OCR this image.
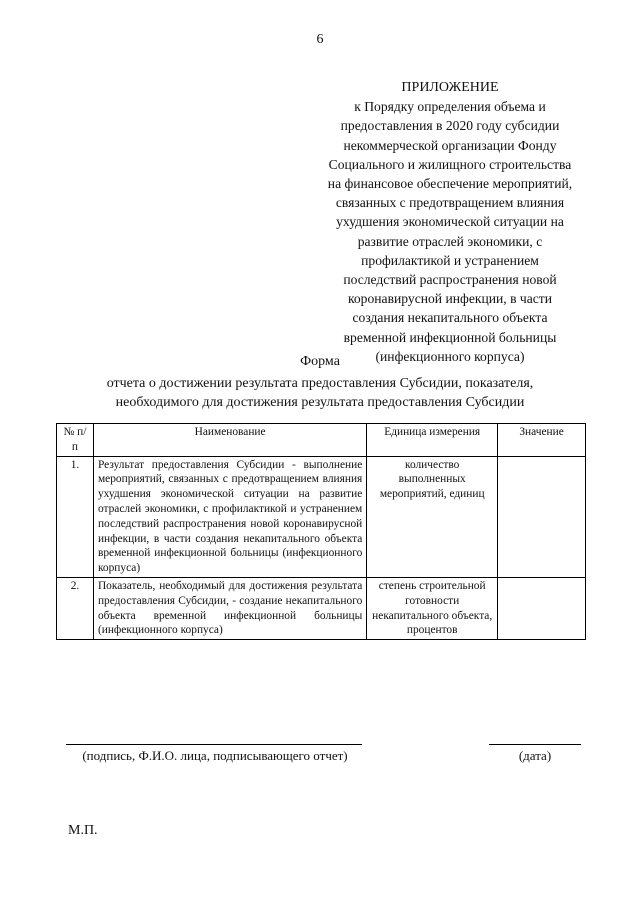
6
ПРИЛОЖЕНИЕ
к Порядку определения объема и
предоставления в 2020 году субсидии
некоммерческой организации Фонду
Социального и жилищного строительства
на финансовое обеспечение мероприятий,
связанных с предотвращением влияния
ухудшения экономической ситуации на
развитие отраслей экономики, с
профилактикой и устранением
последствий распространения новой
коронавирусной инфекции, в части
создания некапитального объекта
временной инфекционной больницы
(инфекционного корпуса)
Форма
отчета о достижении результата предоставления Субсидии, показателя,
необходимого для достижения результата предоставления Субсидии
№ п/п	Наименование	Единица измерения	Значение
1.	Результат предоставления Субсидии - выполнение мероприятий, связанных с предотвращением влияния ухудшения экономической ситуации на развитие отраслей экономики, с профилактикой и устранением последствий распространения новой коронавирусной инфекции, в части создания некапитального объекта временной инфекционной больницы (инфекционного корпуса)	количество выполненных мероприятий, единиц	
2.	Показатель, необходимый для достижения результата предоставления Субсидии, - создание некапитального объекта временной инфекционной больницы (инфекционного корпуса)	степень строительной готовности некапитального объекта, процентов	
(подпись, Ф.И.О. лица, подписывающего отчет)	(дата)
М.П.
